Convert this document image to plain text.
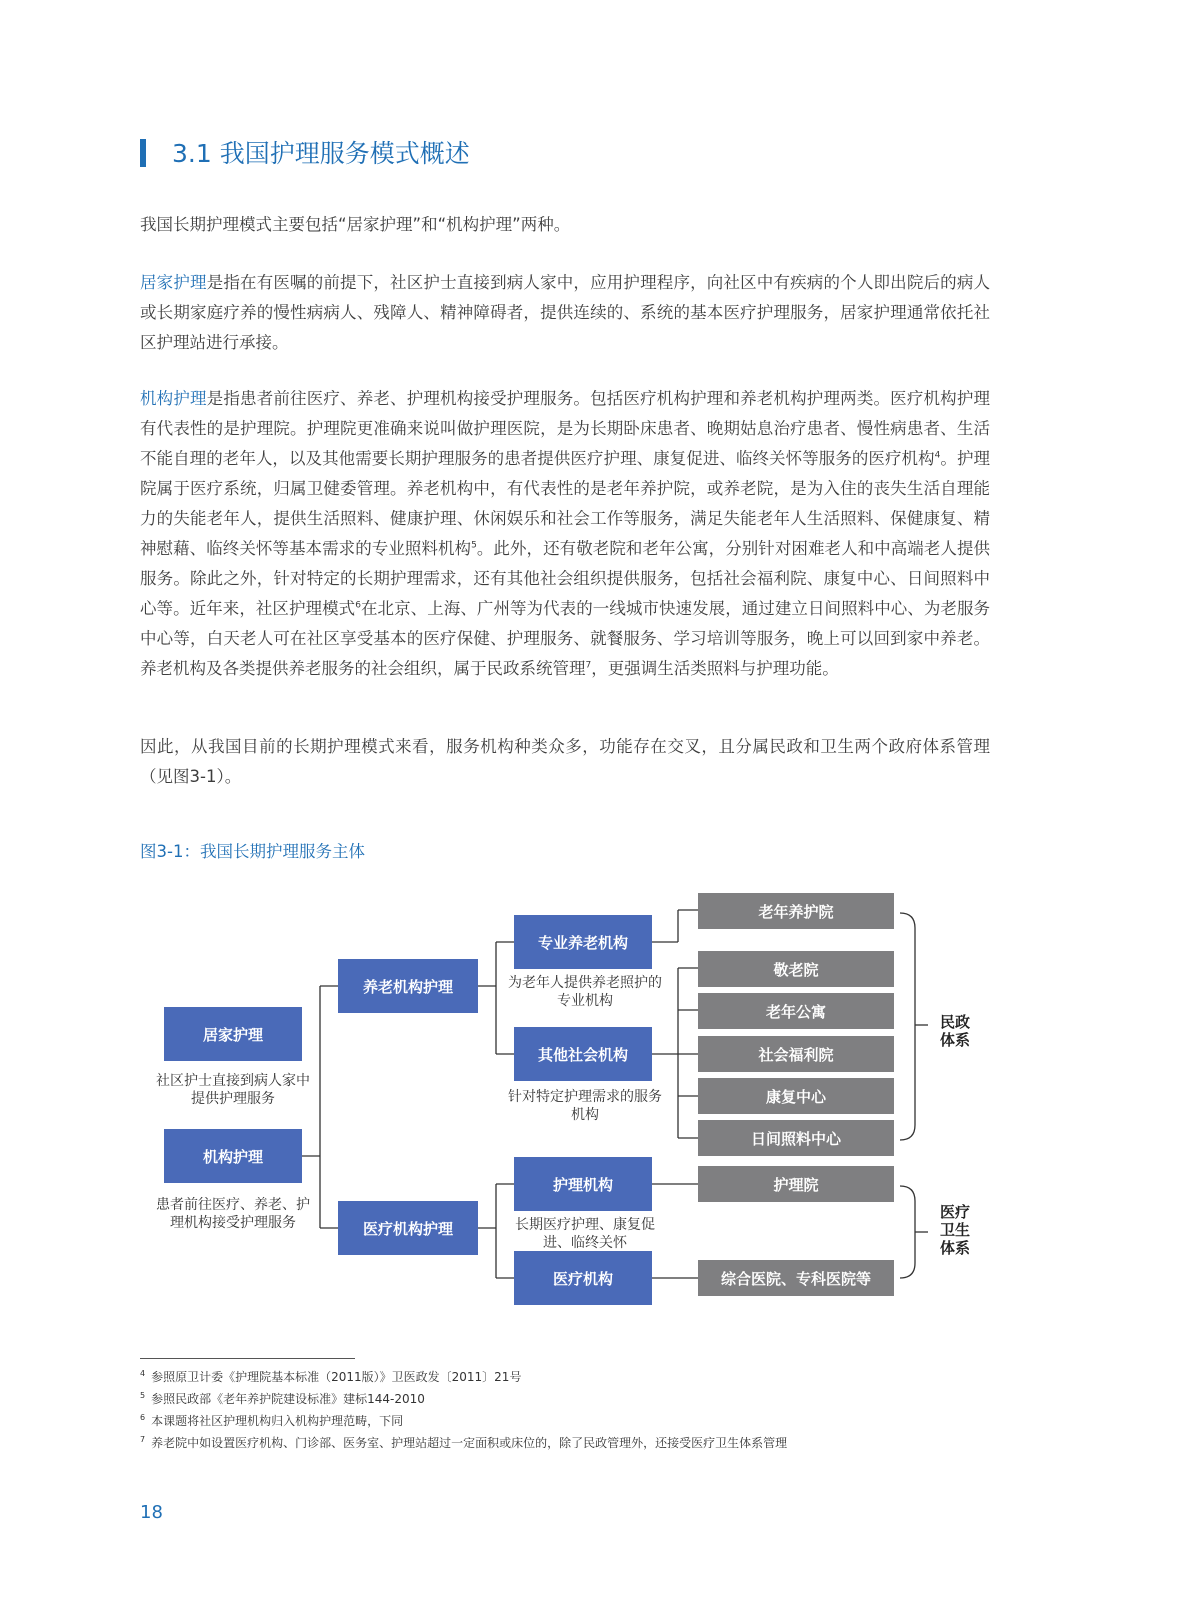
3.1 我国护理服务模式概述
我国长期护理模式主要包括“居家护理”和“机构护理”两种。
居家护理是指在有医嘱的前提下，社区护士直接到病人家中，应用护理程序，向社区中有疾病的个人即出院后的病人或长期家庭疗养的慢性病病人、残障人、精神障碍者，提供连续的、系统的基本医疗护理服务，居家护理通常依托社区护理站进行承接。
机构护理是指患者前往医疗、养老、护理机构接受护理服务。包括医疗机构护理和养老机构护理两类。医疗机构护理有代表性的是护理院。护理院更准确来说叫做护理医院，是为长期卧床患者、晚期姑息治疗患者、慢性病患者、生活不能自理的老年人，以及其他需要长期护理服务的患者提供医疗护理、康复促进、临终关怀等服务的医疗机构$^4$。护理院属于医疗系统，归属卫健委管理。养老机构中，有代表性的是老年养护院，或养老院，是为入住的丧失生活自理能力的失能老年人，提供生活照料、健康护理、休闲娱乐和社会工作等服务，满足失能老年人生活照料、保健康复、精神慰藉、临终关怀等基本需求的专业照料机构$^5$。此外，还有敬老院和老年公寓，分别针对困难老人和中高端老人提供服务。除此之外，针对特定的长期护理需求，还有其他社会组织提供服务，包括社会福利院、康复中心、日间照料中心等。近年来，社区护理模式$^6$在北京、上海、广州等为代表的一线城市快速发展，通过建立日间照料中心、为老服务中心等，白天老人可在社区享受基本的医疗保健、护理服务、就餐服务、学习培训等服务，晚上可以回到家中养老。养老机构及各类提供养老服务的社会组织，属于民政系统管理$^7$，更强调生活类照料与护理功能。
因此，从我国目前的长期护理模式来看，服务机构种类众多，功能存在交叉，且分属民政和卫生两个政府体系管理（见图3-1）。
图3-1：我国长期护理服务主体
居家护理
社区护士直接到病人家中提供护理服务
机构护理
患者前往医疗、养老、护理机构接受护理服务
养老机构护理
医疗机构护理
专业养老机构
为老年人提供养老照护的专业机构
其他社会机构
针对特定护理需求的服务机构
护理机构
长期医疗护理、康复促进、临终关怀
医疗机构
老年养护院
敬老院
老年公寓
社会福利院
康复中心
日间照料中心
护理院
综合医院、专科医院等
民政体系
医疗卫生体系
$^4$ 参照原卫计委《护理院基本标准（2011版）》卫医政发〔2011〕21号
$^5$ 参照民政部《老年养护院建设标准》建标144-2010
$^6$ 本课题将社区护理机构归入机构护理范畴，下同
$^7$ 养老院中如设置医疗机构、门诊部、医务室、护理站超过一定面积或床位的，除了民政管理外，还接受医疗卫生体系管理
18
